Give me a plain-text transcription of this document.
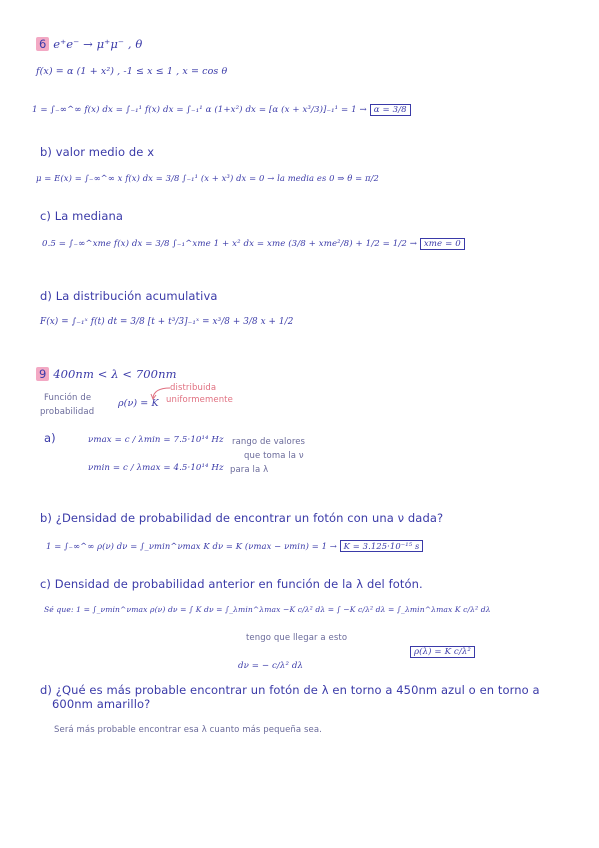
6 e⁺e⁻ → μ⁺μ⁻ , θ
f(x) = α (1 + x²) , -1 ≤ x ≤ 1 , x = cos θ
1 = ∫₋∞^∞ f(x) dx = ∫₋₁¹ f(x) dx = ∫₋₁¹ α (1+x²) dx = [α (x + x³/3)]₋₁¹ = 1 → α = 3/8
b) valor medio de x
μ = E(x) = ∫₋∞^∞ x f(x) dx = 3/8 ∫₋₁¹ (x + x³) dx = 0 → la media es 0 ⇒ θ = π/2
c) La mediana
0.5 = ∫₋∞^xme f(x) dx = 3/8 ∫₋₁^xme 1 + x² dx = xme (3/8 + xme²/8) + 1/2 = 1/2 → xme = 0
d) La distribución acumulativa
F(x) = ∫₋₁ˣ f(t) dt = 3/8 [t + t³/3]₋₁ˣ = x³/8 + 3/8 x + 1/2
9 400nm < λ < 700nm
Función de
probabilidad
ρ(ν) = K
distribuida
uniformemente
a)	νmax = c / λmin = 7.5·10¹⁴ Hz
νmin = c / λmax = 4.5·10¹⁴ Hz
rango de valores
que toma la ν
para la λ
b) ¿Densidad de probabilidad de encontrar un fotón con una ν dada?
1 = ∫₋∞^∞ ρ(ν) dν = ∫_νmin^νmax K dν = K (νmax − νmin) = 1 → K = 3.125·10⁻¹⁵ s
c) Densidad de probabilidad anterior en función de la λ del fotón.
Sé que: 1 = ∫_νmin^νmax ρ(ν) dν = ∫ K dν = ∫_λmin^λmax −K c/λ² dλ = ∫ −K c/λ² dλ = ∫_λmin^λmax K c/λ² dλ
tengo que llegar a esto
dν = − c/λ² dλ
ρ(λ) = K c/λ²
d) ¿Qué es más probable encontrar un fotón de λ en torno a 450nm azul o en torno a
600nm amarillo?
Será más probable encontrar esa λ cuanto más pequeña sea.
